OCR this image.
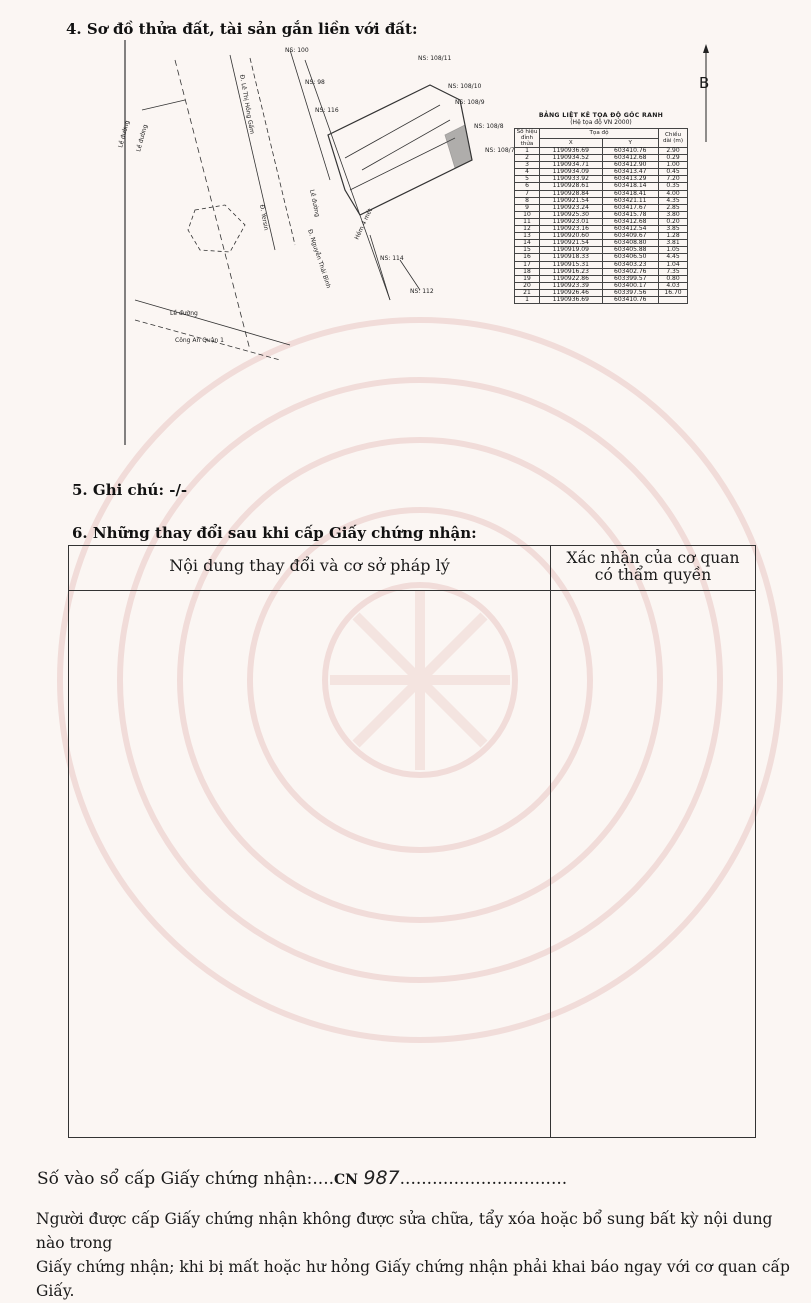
4. Sơ đồ thửa đất, tài sản gắn liền với đất:
Lề đường
Lề đường	Đ. Lê Thị Hồng Gấm
Đ. Yersin	Lề đường
Đ. Nguyễn Thái Bình
Hẻm 4 mét
Lề đường
Công An Quận 1
NS: 100
NS: 98
NS: 116
NS: 114
NS: 112
NS: 108/11
NS: 108/10
NS: 108/9
NS: 108/8
NS: 108/7
B
BẢNG LIỆT KÊ TỌA ĐỘ GÓC RANH
(Hệ tọa độ VN 2000)
Số hiệu đỉnh thửa	Tọa độ		Chiều dài (m)
	X	Y	
1	1190936.69	603410.76	2.90
2	1190934.52	603412.68	0.29
3	1190934.71	603412.90	1.00
4	1190934.09	603413.47	0.45
5	1190933.92	603413.29	7.20
6	1190928.61	603418.14	0.35
7	1190928.84	603418.41	4.00
8	1190921.54	603421.11	4.35
9	1190923.24	603417.67	2.85
10	1190925.30	603415.78	3.80
11	1190923.01	603412.68	0.20
12	1190923.16	603412.54	3.85
13	1190920.60	603409.67	1.28
14	1190921.54	603408.80	3.81
15	1190919.09	603405.88	1.05
16	1190918.33	603406.50	4.45
17	1190915.31	603403.23	1.04
18	1190916.23	603402.76	7.35
19	1190922.86	603399.57	0.80
20	1190923.39	603400.17	4.03
21	1190926.46	603397.56	16.70
1	1190936.69	603410.76	
5. Ghi chú: -/-
6. Những thay đổi sau khi cấp Giấy chứng nhận:
Nội dung thay đổi và cơ sở pháp lý	Xác nhận của cơ quan
có thẩm quyền
Số vào sổ cấp Giấy chứng nhận:....CN 987...............................
Người được cấp Giấy chứng nhận không được sửa chữa, tẩy xóa hoặc bổ sung bất kỳ nội dung nào trong
Giấy chứng nhận; khi bị mất hoặc hư hỏng Giấy chứng nhận phải khai báo ngay với cơ quan cấp Giấy.
